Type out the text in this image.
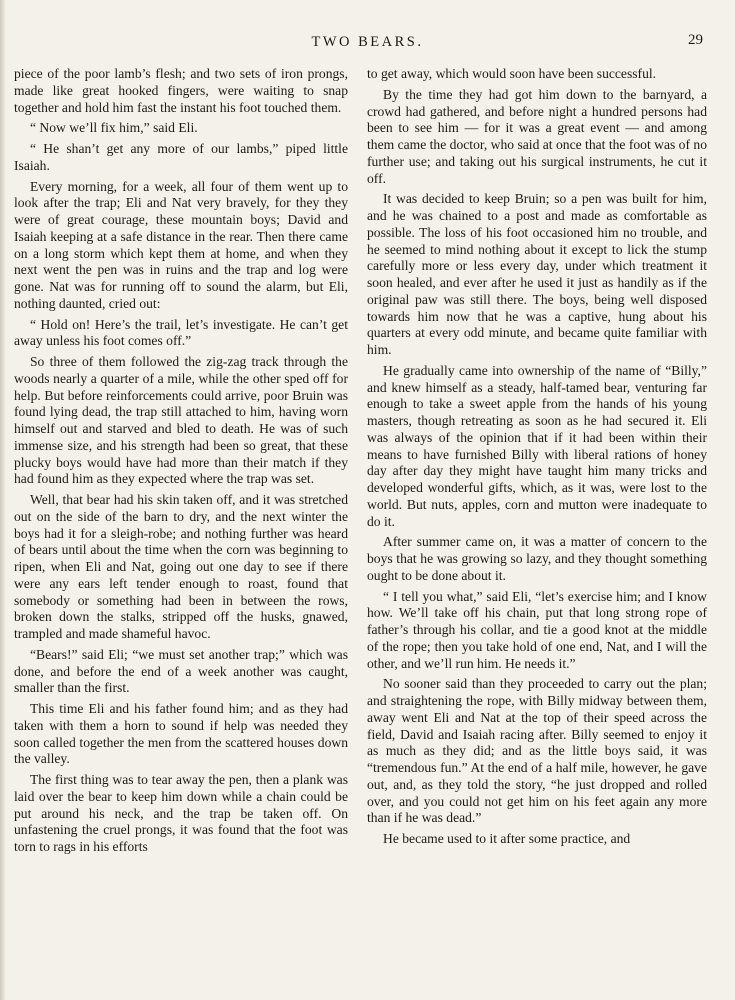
TWO BEARS.	29

piece of the poor lamb’s flesh; and two sets of iron prongs, made like great hooked fingers, were waiting to snap together and hold him fast the instant his foot touched them.

“ Now we’ll fix him,” said Eli.

“ He shan’t get any more of our lambs,” piped little Isaiah.

Every morning, for a week, all four of them went up to look after the trap; Eli and Nat very bravely, for they they were of great courage, these mountain boys; David and Isaiah keeping at a safe distance in the rear. Then there came on a long storm which kept them at home, and when they next went the pen was in ruins and the trap and log were gone. Nat was for running off to sound the alarm, but Eli, nothing daunted, cried out:

“ Hold on! Here’s the trail, let’s investigate. He can’t get away unless his foot comes off.”

So three of them followed the zig-zag track through the woods nearly a quarter of a mile, while the other sped off for help. But before reinforcements could arrive, poor Bruin was found lying dead, the trap still attached to him, having worn himself out and starved and bled to death. He was of such immense size, and his strength had been so great, that these plucky boys would have had more than their match if they had found him as they expected where the trap was set.

Well, that bear had his skin taken off, and it was stretched out on the side of the barn to dry, and the next winter the boys had it for a sleigh-robe; and nothing further was heard of bears until about the time when the corn was beginning to ripen, when Eli and Nat, going out one day to see if there were any ears left tender enough to roast, found that somebody or something had been in between the rows, broken down the stalks, stripped off the husks, gnawed, trampled and made shameful havoc.

“Bears!” said Eli; “we must set another trap;” which was done, and before the end of a week another was caught, smaller than the first.

This time Eli and his father found him; and as they had taken with them a horn to sound if help was needed they soon called together the men from the scattered houses down the valley.

The first thing was to tear away the pen, then a plank was laid over the bear to keep him down while a chain could be put around his neck, and the trap be taken off. On unfastening the cruel prongs, it was found that the foot was torn to rags in his efforts

to get away, which would soon have been successful.

By the time they had got him down to the barnyard, a crowd had gathered, and before night a hundred persons had been to see him — for it was a great event — and among them came the doctor, who said at once that the foot was of no further use; and taking out his surgical instruments, he cut it off.

It was decided to keep Bruin; so a pen was built for him, and he was chained to a post and made as comfortable as possible. The loss of his foot occasioned him no trouble, and he seemed to mind nothing about it except to lick the stump carefully more or less every day, under which treatment it soon healed, and ever after he used it just as handily as if the original paw was still there. The boys, being well disposed towards him now that he was a captive, hung about his quarters at every odd minute, and became quite familiar with him.

He gradually came into ownership of the name of “Billy,” and knew himself as a steady, half-tamed bear, venturing far enough to take a sweet apple from the hands of his young masters, though retreating as soon as he had secured it. Eli was always of the opinion that if it had been within their means to have furnished Billy with liberal rations of honey day after day they might have taught him many tricks and developed wonderful gifts, which, as it was, were lost to the world. But nuts, apples, corn and mutton were inadequate to do it.

After summer came on, it was a matter of concern to the boys that he was growing so lazy, and they thought something ought to be done about it.

“ I tell you what,” said Eli, “let’s exercise him; and I know how. We’ll take off his chain, put that long strong rope of father’s through his collar, and tie a good knot at the middle of the rope; then you take hold of one end, Nat, and I will the other, and we’ll run him. He needs it.”

No sooner said than they proceeded to carry out the plan; and straightening the rope, with Billy midway between them, away went Eli and Nat at the top of their speed across the field, David and Isaiah racing after. Billy seemed to enjoy it as much as they did; and as the little boys said, it was “tremendous fun.” At the end of a half mile, however, he gave out, and, as they told the story, “he just dropped and rolled over, and you could not get him on his feet again any more than if he was dead.”

He became used to it after some practice, and
